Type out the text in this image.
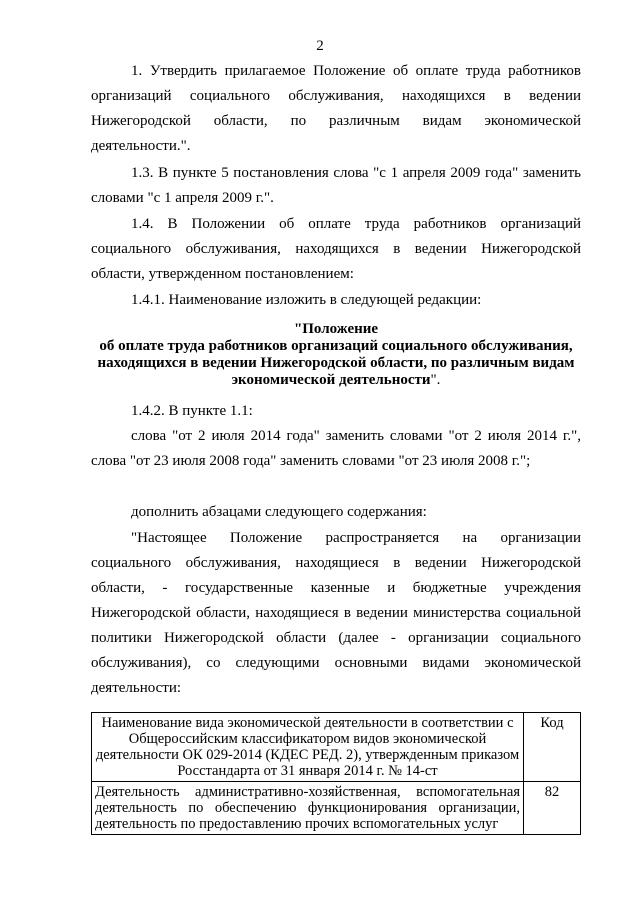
2
1. Утвердить прилагаемое Положение об оплате труда работников организаций социального обслуживания, находящихся в ведении Нижегородской области, по различным видам экономической деятельности.".
1.3. В пункте 5 постановления слова "с 1 апреля 2009 года" заменить словами "с 1 апреля 2009 г.".
1.4. В Положении об оплате труда работников организаций социального обслуживания, находящихся в ведении Нижегородской области, утвержденном постановлением:
1.4.1. Наименование изложить в следующей редакции:
"Положение
об оплате труда работников организаций социального обслуживания,
находящихся в ведении Нижегородской области, по различным видам
экономической деятельности".
1.4.2. В пункте 1.1:
слова "от 2 июля 2014 года" заменить словами "от 2 июля 2014 г.", слова "от 23 июля 2008 года" заменить словами "от 23 июля 2008 г.";
дополнить абзацами следующего содержания:
"Настоящее Положение распространяется на организации социального обслуживания, находящиеся в ведении Нижегородской области, - государственные казенные и бюджетные учреждения Нижегородской области, находящиеся в ведении министерства социальной политики Нижегородской области (далее - организации социального обслуживания), со следующими основными видами экономической деятельности:
Наименование вида экономической деятельности в соответствии с Общероссийским классификатором видов экономической деятельности ОК 029-2014 (КДЕС РЕД. 2), утвержденным приказом Росстандарта от 31 января 2014 г. № 14-ст	Код
Деятельность административно-хозяйственная, вспомогательная деятельность по обеспечению функционирования организации, деятельность по предоставлению прочих вспомогательных услуг	82
